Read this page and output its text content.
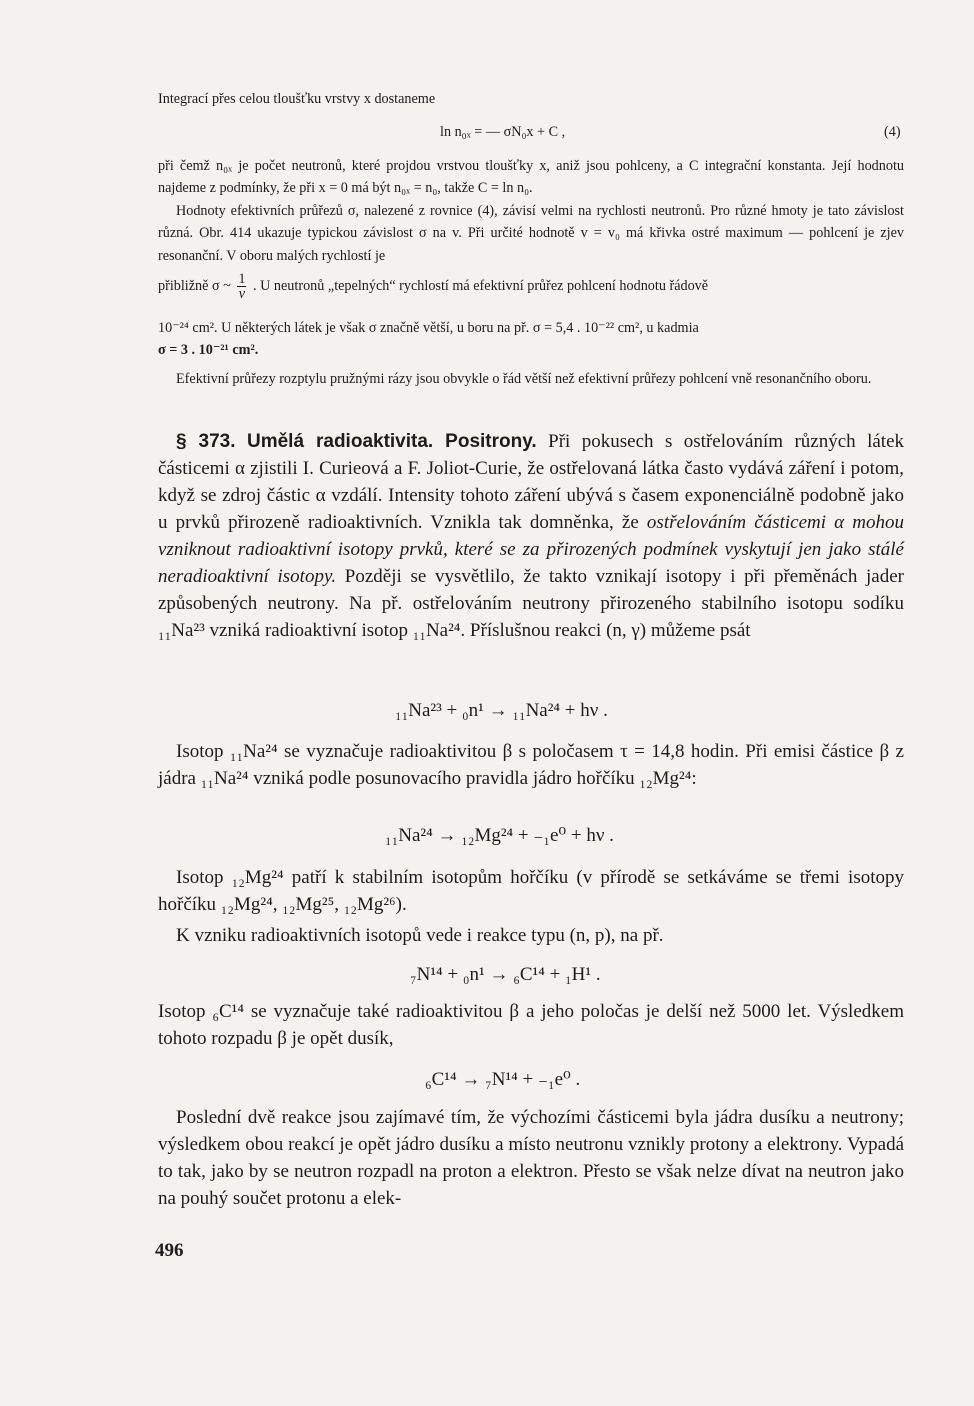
Integrací přes celou tloušťku vrstvy x dostaneme

ln n₀ₓ = — σN₀x + C ,	(4)

při čemž n₀ₓ je počet neutronů, které projdou vrstvou tloušťky x, aniž jsou pohlceny, a C integrační konstanta. Její hodnotu najdeme z podmínky, že při x = 0 má být n₀ₓ = n₀, takže C = ln n₀.

Hodnoty efektivních průřezů σ, nalezené z rovnice (4), závisí velmi na rychlosti neutronů. Pro různé hmoty je tato závislost různá. Obr. 414 ukazuje typickou závislost σ na v. Při určité hodnotě v = v₀ má křivka ostré maximum — pohlcení je zjev resonanční. V oboru malých rychlostí je

přibližně σ ~ $\frac{1}{v}$ . U neutronů „tepelných“ rychlostí má efektivní průřez pohlcení hodnotu řádově

10⁻²⁴ cm². U některých látek je však σ značně větší, u boru na př. σ = 5,4 . 10⁻²² cm², u kadmia

σ = 3 . 10⁻²¹ cm².

Efektivní průřezy rozptylu pružnými rázy jsou obvykle o řád větší než efektivní průřezy pohlcení vně resonančního oboru.

§ 373. Umělá radioaktivita. Positrony. Při pokusech s ostřelováním různých látek částicemi α zjistili I. Curieová a F. Joliot-Curie, že ostřelovaná látka často vydává záření i potom, když se zdroj částic α vzdálí. Intensity tohoto záření ubývá s časem exponenciálně podobně jako u prvků přirozeně radioaktivních. Vznikla tak domněnka, že ostřelováním částicemi α mohou vzniknout radioaktivní isotopy prvků, které se za přirozených podmínek vyskytují jen jako stálé neradioaktivní isotopy. Později se vysvětlilo, že takto vznikají isotopy i při přeměnách jader způsobených neutrony. Na př. ostřelováním neutrony přirozeného stabilního isotopu sodíku ₁₁Na²³ vzniká radioaktivní isotop ₁₁Na²⁴. Příslušnou reakci (n, γ) můžeme psát

₁₁Na²³ + ₀n¹ → ₁₁Na²⁴ + hν .

Isotop ₁₁Na²⁴ se vyznačuje radioaktivitou β s poločasem τ = 14,8 hodin. Při emisi částice β z jádra ₁₁Na²⁴ vzniká podle posunovacího pravidla jádro hořčíku ₁₂Mg²⁴:

₁₁Na²⁴ → ₁₂Mg²⁴ + ₋₁e⁰ + hν .

Isotop ₁₂Mg²⁴ patří k stabilním isotopům hořčíku (v přírodě se setkáváme se třemi isotopy hořčíku ₁₂Mg²⁴, ₁₂Mg²⁵, ₁₂Mg²⁶).

K vzniku radioaktivních isotopů vede i reakce typu (n, p), na př.

₇N¹⁴ + ₀n¹ → ₆C¹⁴ + ₁H¹ .

Isotop ₆C¹⁴ se vyznačuje také radioaktivitou β a jeho poločas je delší než 5000 let. Výsledkem tohoto rozpadu β je opět dusík,

₆C¹⁴ → ₇N¹⁴ + ₋₁e⁰ .

Poslední dvě reakce jsou zajímavé tím, že výchozími částicemi byla jádra dusíku a neutrony; výsledkem obou reakcí je opět jádro dusíku a místo neutronu vznikly protony a elektrony. Vypadá to tak, jako by se neutron rozpadl na proton a elektron. Přesto se však nelze dívat na neutron jako na pouhý součet protonu a elek-

496
